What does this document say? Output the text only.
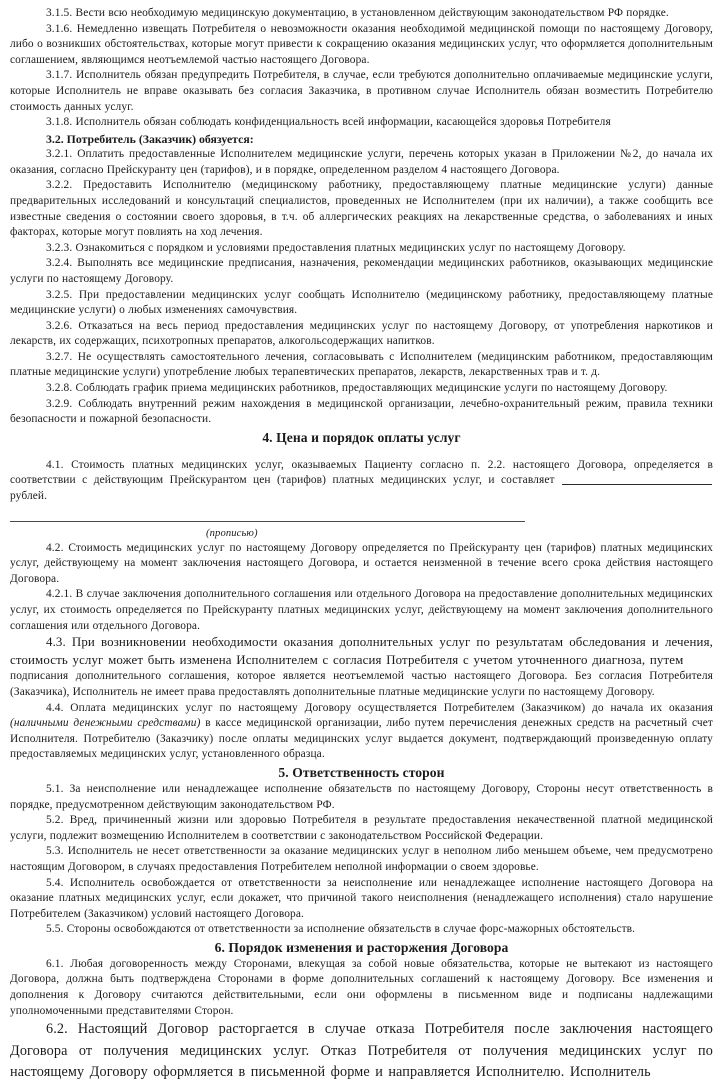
3.1.5. Вести всю необходимую медицинскую документацию, в установленном действующим законодательством РФ порядке.

3.1.6. Немедленно извещать Потребителя о невозможности оказания необходимой медицинской помощи по настоящему Договору, либо о возникших обстоятельствах, которые могут привести к сокращению оказания медицинских услуг, что оформляется дополнительным соглашением, являющимся неотъемлемой частью настоящего Договора.

3.1.7. Исполнитель обязан предупредить Потребителя, в случае, если требуются дополнительно оплачиваемые медицинские услуги, которые Исполнитель не вправе оказывать без согласия Заказчика, в противном случае Исполнитель обязан возместить Потребителю стоимость данных услуг.

3.1.8. Исполнитель обязан соблюдать конфиденциальность всей информации, касающейся здоровья Потребителя

3.2. Потребитель (Заказчик) обязуется:

3.2.1. Оплатить предоставленные Исполнителем медицинские услуги, перечень которых указан в Приложении №2, до начала их оказания, согласно Прейскуранту цен (тарифов), и в порядке, определенном разделом 4 настоящего Договора.

3.2.2. Предоставить Исполнителю (медицинскому работнику, предоставляющему платные медицинские услуги) данные предварительных исследований и консультаций специалистов, проведенных не Исполнителем (при их наличии), а также сообщить все известные сведения о состоянии своего здоровья, в т.ч. об аллергических реакциях на лекарственные средства, о заболеваниях и иных факторах, которые могут повлиять на ход лечения.

3.2.3. Ознакомиться с порядком и условиями предоставления платных медицинских услуг по настоящему Договору.

3.2.4. Выполнять все медицинские предписания, назначения, рекомендации медицинских работников, оказывающих медицинские услуги по настоящему Договору.

3.2.5. При предоставлении медицинских услуг сообщать Исполнителю (медицинскому работнику, предоставляющему платные медицинские услуги) о любых изменениях самочувствия.

3.2.6. Отказаться на весь период предоставления медицинских услуг по настоящему Договору, от употребления наркотиков и лекарств, их содержащих, психотропных препаратов, алкогольсодержащих напитков.

3.2.7. Не осуществлять самостоятельного лечения, согласовывать с Исполнителем (медицинским работником, предоставляющим платные медицинские услуги) употребление любых терапевтических препаратов, лекарств, лекарственных трав и т. д.

3.2.8. Соблюдать график приема медицинских работников, предоставляющих медицинские услуги по настоящему Договору.

3.2.9. Соблюдать внутренний режим нахождения в медицинской организации, лечебно-охранительный режим, правила техники безопасности и пожарной безопасности.

4. Цена и порядок оплаты услуг

4.1. Стоимость платных медицинских услуг, оказываемых Пациенту согласно п. 2.2. настоящего Договора, определяется в соответствии с действующим Прейскурантом цен (тарифов) платных медицинских услуг, и составляет  рублей.

(прописью)

4.2. Стоимость медицинских услуг по настоящему Договору определяется по Прейскуранту цен (тарифов) платных медицинских услуг, действующему на момент заключения настоящего Договора, и остается неизменной в течение всего срока действия настоящего Договора.

4.2.1. В случае заключения дополнительного соглашения или отдельного Договора на предоставление дополнительных медицинских услуг, их стоимость определяется по Прейскуранту платных медицинских услуг, действующему на момент заключения дополнительного соглашения или отдельного Договора.

4.3. При возникновении необходимости оказания дополнительных услуг по результатам обследования и лечения, стоимость услуг может быть изменена Исполнителем с согласия Потребителя с учетом уточненного диагноза, путем

подписания дополнительного соглашения, которое является неотъемлемой частью настоящего Договора. Без согласия Потребителя (Заказчика), Исполнитель не имеет права предоставлять дополнительные платные медицинские услуги по настоящему Договору.

4.4. Оплата медицинских услуг по настоящему Договору осуществляется Потребителем (Заказчиком) до начала их оказания (наличными денежными средствами) в кассе медицинской организации, либо путем перечисления денежных средств на расчетный счет Исполнителя. Потребителю (Заказчику) после оплаты медицинских услуг выдается документ, подтверждающий произведенную оплату предоставляемых медицинских услуг, установленного образца.

5. Ответственность сторон

5.1. За неисполнение или ненадлежащее исполнение обязательств по настоящему Договору, Стороны несут ответственность в порядке, предусмотренном действующим законодательством РФ.

5.2. Вред, причиненный жизни или здоровью Потребителя в результате предоставления некачественной платной медицинской услуги, подлежит возмещению Исполнителем в соответствии с законодательством Российской Федерации.

5.3. Исполнитель не несет ответственности за оказание медицинских услуг в неполном либо меньшем объеме, чем предусмотрено настоящим Договором, в случаях предоставления Потребителем неполной информации о своем здоровье.

5.4. Исполнитель освобождается от ответственности за неисполнение или ненадлежащее исполнение настоящего Договора на оказание платных медицинских услуг, если докажет, что причиной такого неисполнения (ненадлежащего исполнения) стало нарушение Потребителем (Заказчиком) условий настоящего Договора.

5.5. Стороны освобождаются от ответственности за исполнение обязательств в случае форс-мажорных обстоятельств.

6. Порядок изменения и расторжения Договора

6.1. Любая договоренность между Сторонами, влекущая за собой новые обязательства, которые не вытекают из настоящего Договора, должна быть подтверждена Сторонами в форме дополнительных соглашений к настоящему Договору. Все изменения и дополнения к Договору считаются действительными, если они оформлены в письменном виде и подписаны надлежащими уполномоченными представителями Сторон.

6.2. Настоящий Договор расторгается в случае отказа Потребителя после заключения настоящего Договора от получения медицинских услуг. Отказ Потребителя от получения медицинских услуг по настоящему Договору оформляется в письменной форме и направляется Исполнителю. Исполнитель
